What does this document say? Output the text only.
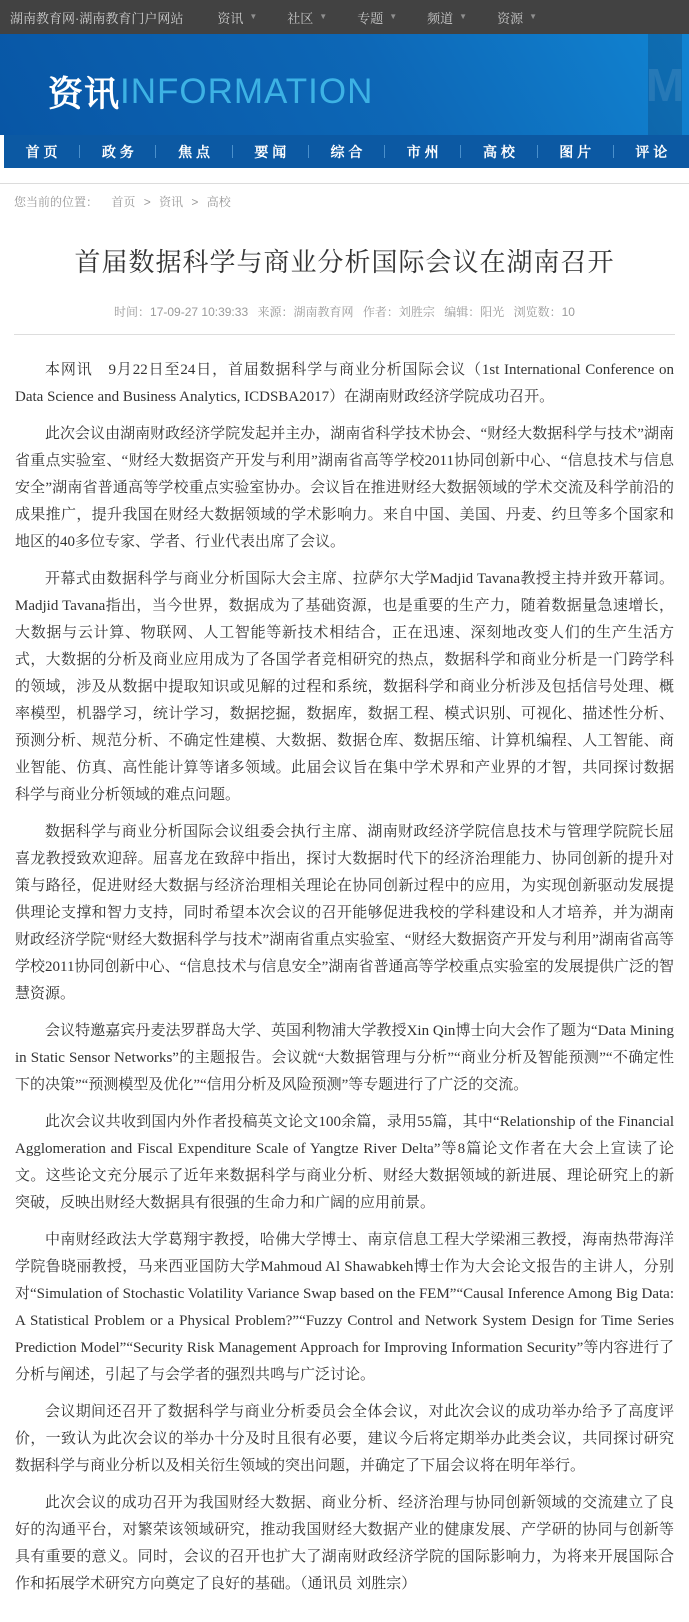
湖南教育网·湖南教育门户网站	资讯 ▼ 社区 ▼ 专题 ▼ 频道 ▼ 资源 ▼
资讯 INFORMATION	M
首 页	政 务	焦 点	要 闻	综 合	市 州	高 校	图 片	评 论
您当前的位置： 首页 > 资讯 > 高校
首届数据科学与商业分析国际会议在湖南召开
时间：17-09-27 10:39:33 来源：湖南教育网 作者：刘胜宗 编辑：阳光 浏览数：10

本网讯　9月22日至24日，首届数据科学与商业分析国际会议（1st International Conference on Data Science and Business Analytics, ICDSBA2017）在湖南财政经济学院成功召开。

此次会议由湖南财政经济学院发起并主办，湖南省科学技术协会、“财经大数据科学与技术”湖南省重点实验室、“财经大数据资产开发与利用”湖南省高等学校2011协同创新中心、“信息技术与信息安全”湖南省普通高等学校重点实验室协办。会议旨在推进财经大数据领域的学术交流及科学前沿的成果推广，提升我国在财经大数据领域的学术影响力。来自中国、美国、丹麦、约旦等多个国家和地区的40多位专家、学者、行业代表出席了会议。

开幕式由数据科学与商业分析国际大会主席、拉萨尔大学Madjid Tavana教授主持并致开幕词。Madjid Tavana指出，当今世界，数据成为了基础资源，也是重要的生产力，随着数据量急速增长，大数据与云计算、物联网、人工智能等新技术相结合，正在迅速、深刻地改变人们的生产生活方式，大数据的分析及商业应用成为了各国学者竞相研究的热点，数据科学和商业分析是一门跨学科的领域，涉及从数据中提取知识或见解的过程和系统，数据科学和商业分析涉及包括信号处理、概率模型，机器学习，统计学习，数据挖掘，数据库，数据工程、模式识别、可视化、描述性分析、预测分析、规范分析、不确定性建模、大数据、数据仓库、数据压缩、计算机编程、人工智能、商业智能、仿真、高性能计算等诸多领域。此届会议旨在集中学术界和产业界的才智，共同探讨数据科学与商业分析领域的难点问题。

数据科学与商业分析国际会议组委会执行主席、湖南财政经济学院信息技术与管理学院院长屈喜龙教授致欢迎辞。屈喜龙在致辞中指出，探讨大数据时代下的经济治理能力、协同创新的提升对策与路径，促进财经大数据与经济治理相关理论在协同创新过程中的应用，为实现创新驱动发展提供理论支撑和智力支持，同时希望本次会议的召开能够促进我校的学科建设和人才培养，并为湖南财政经济学院“财经大数据科学与技术”湖南省重点实验室、“财经大数据资产开发与利用”湖南省高等学校2011协同创新中心、“信息技术与信息安全”湖南省普通高等学校重点实验室的发展提供广泛的智慧资源。

会议特邀嘉宾丹麦法罗群岛大学、英国利物浦大学教授Xin Qin博士向大会作了题为“Data Mining in Static Sensor Networks”的主题报告。会议就“大数据管理与分析”“商业分析及智能预测”“不确定性下的决策”“预测模型及优化”“信用分析及风险预测”等专题进行了广泛的交流。

此次会议共收到国内外作者投稿英文论文100余篇，录用55篇，其中“Relationship of the Financial Agglomeration and Fiscal Expenditure Scale of Yangtze River Delta”等8篇论文作者在大会上宣读了论文。这些论文充分展示了近年来数据科学与商业分析、财经大数据领域的新进展、理论研究上的新突破，反映出财经大数据具有很强的生命力和广阔的应用前景。

中南财经政法大学葛翔宇教授，哈佛大学博士、南京信息工程大学梁湘三教授，海南热带海洋学院鲁晓丽教授，马来西亚国防大学Mahmoud Al Shawabkeh博士作为大会论文报告的主讲人，分别对“Simulation of Stochastic Volatility Variance Swap based on the FEM”“Causal Inference Among Big Data: A Statistical Problem or a Physical Problem?”“Fuzzy Control and Network System Design for Time Series Prediction Model”“Security Risk Management Approach for Improving Information Security”等内容进行了分析与阐述，引起了与会学者的强烈共鸣与广泛讨论。

会议期间还召开了数据科学与商业分析委员会全体会议，对此次会议的成功举办给予了高度评价，一致认为此次会议的举办十分及时且很有必要，建议今后将定期举办此类会议，共同探讨研究数据科学与商业分析以及相关衍生领域的突出问题，并确定了下届会议将在明年举行。

此次会议的成功召开为我国财经大数据、商业分析、经济治理与协同创新领域的交流建立了良好的沟通平台，对繁荣该领域研究，推动我国财经大数据产业的健康发展、产学研的协同与创新等具有重要的意义。同时，会议的召开也扩大了湖南财政经济学院的国际影响力，为将来开展国际合作和拓展学术研究方向奠定了良好的基础。（通讯员 刘胜宗）
